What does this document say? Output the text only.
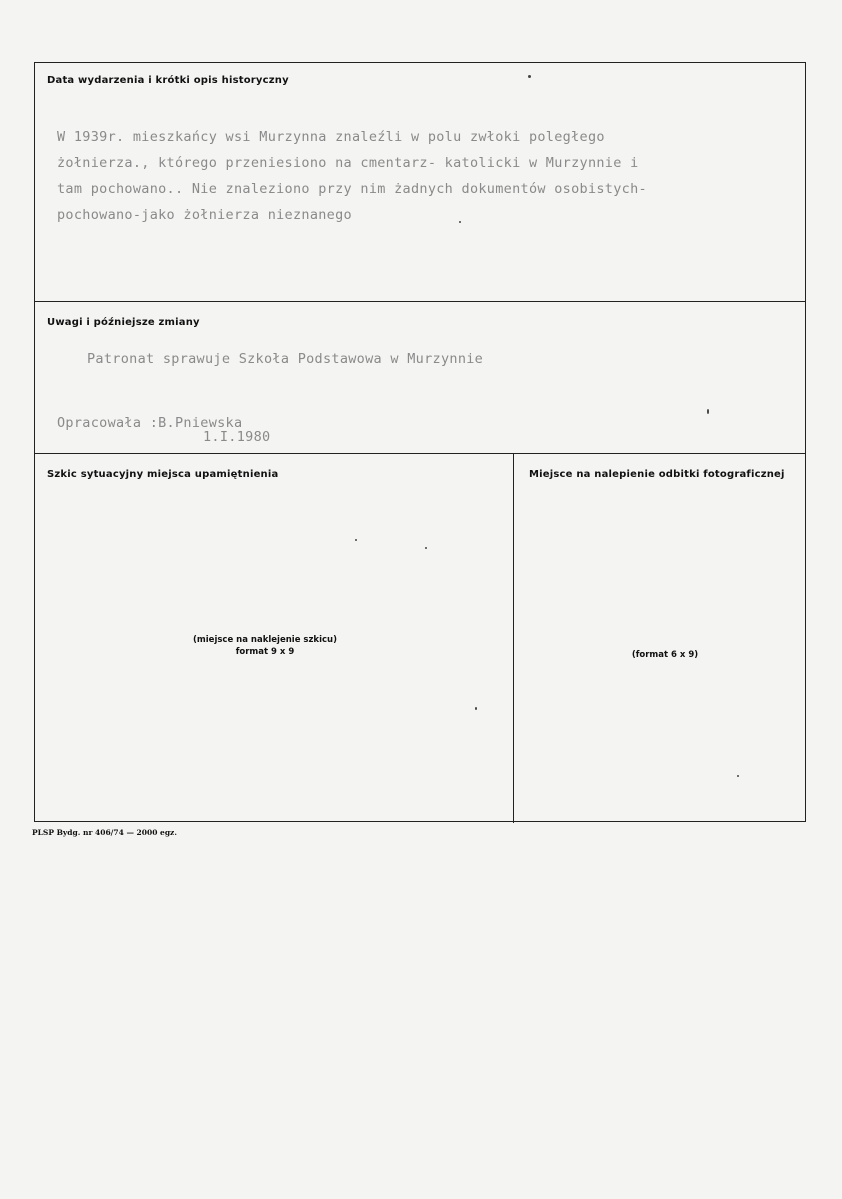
Data wydarzenia i krótki opis historyczny
W 1939r. mieszkańcy wsi Murzynna znaleźli w polu zwłoki poległego
żołnierza., którego przeniesiono na cmentarz- katolicki w Murzynnie i
tam pochowano.. Nie znaleziono przy nim żadnych dokumentów osobistych-
pochowano-jako żołnierza nieznanego
Uwagi i późniejsze zmiany
Patronat sprawuje Szkoła Podstawowa w Murzynnie
Opracowała :B.Pniewska
1.I.1980
Szkic sytuacyjny miejsca upamiętnienia
(miejsce na naklejenie szkicu)
format 9 x 9
Miejsce na nalepienie odbitki fotograficznej
(format 6 x 9)
PLSP Bydg. nr 406/74 — 2000 egz.
